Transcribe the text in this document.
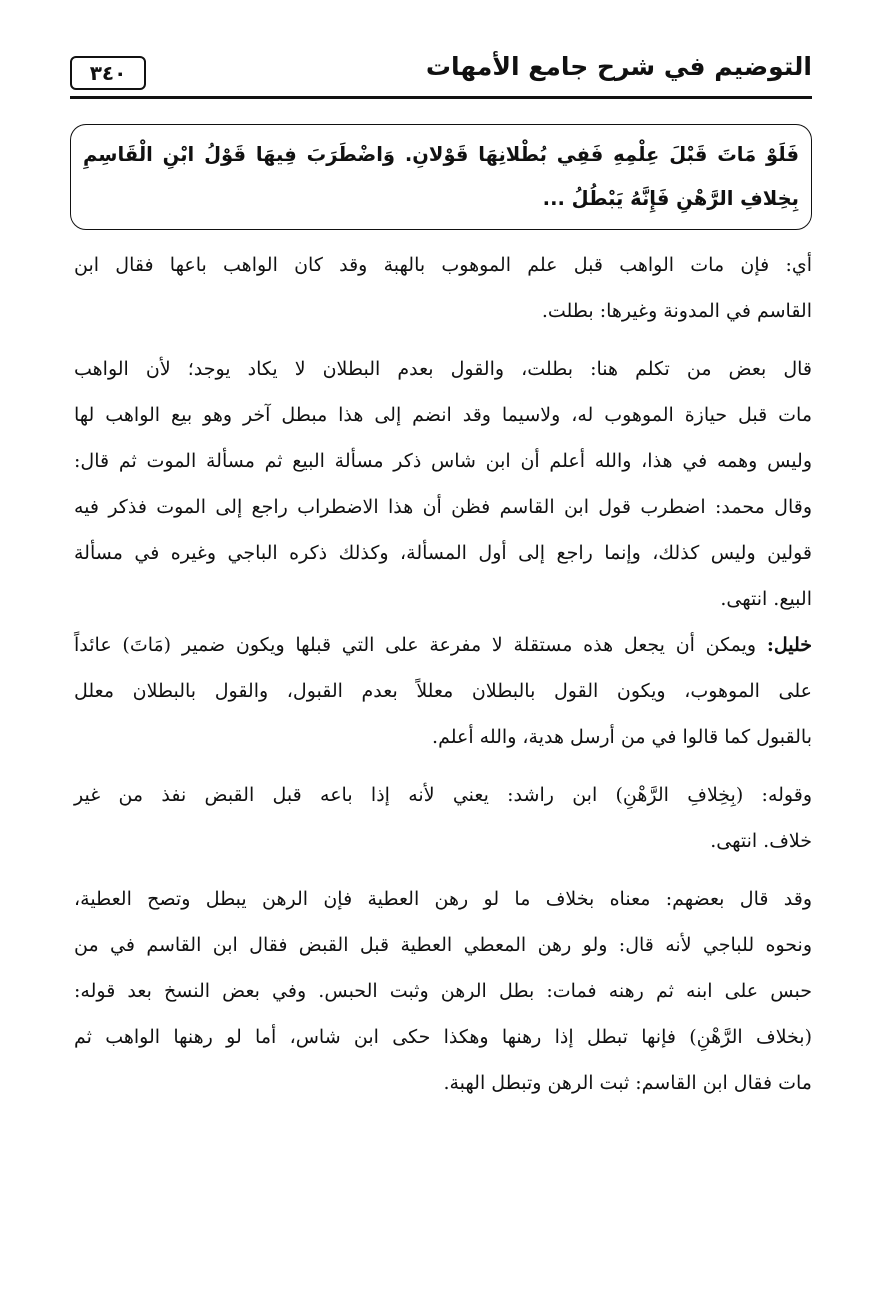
التوضيم في شرح جامع الأمهات
٣٤٠
فَلَوْ مَاتَ قَبْلَ عِلْمِهِ فَفِي بُطْلانِهَا قَوْلانِ. وَاضْطَرَبَ فِيهَا قَوْلُ ابْنِ الْقَاسِمِ
بِخِلافِ الرَّهْنِ فَإِنَّهُ يَبْطُلُ ...
أي: فإن مات الواهب قبل علم الموهوب بالهبة وقد كان الواهب باعها فقال ابن
القاسم في المدونة وغيرها: بطلت.
قال بعض من تكلم هنا: بطلت، والقول بعدم البطلان لا يكاد يوجد؛ لأن الواهب
مات قبل حيازة الموهوب له، ولاسيما وقد انضم إلى هذا مبطل آخر وهو بيع الواهب لها
وليس وهمه في هذا، والله أعلم أن ابن شاس ذكر مسألة البيع ثم مسألة الموت ثم قال:
وقال محمد: اضطرب قول ابن القاسم فظن أن هذا الاضطراب راجع إلى الموت فذكر فيه
قولين وليس كذلك، وإنما راجع إلى أول المسألة، وكذلك ذكره الباجي وغيره في مسألة
البيع. انتهى.
خليل: ويمكن أن يجعل هذه مستقلة لا مفرعة على التي قبلها ويكون ضمير (مَاتَ) عائداً
على الموهوب، ويكون القول بالبطلان معللاً بعدم القبول، والقول بالبطلان معلل
بالقبول كما قالوا في من أرسل هدية، والله أعلم.
وقوله: (بِخِلافِ الرَّهْنِ) ابن راشد: يعني لأنه إذا باعه قبل القبض نفذ من غير
خلاف. انتهى.
وقد قال بعضهم: معناه بخلاف ما لو رهن العطية فإن الرهن يبطل وتصح العطية،
ونحوه للباجي لأنه قال: ولو رهن المعطي العطية قبل القبض فقال ابن القاسم في من
حبس على ابنه ثم رهنه فمات: بطل الرهن وثبت الحبس. وفي بعض النسخ بعد قوله:
(بخلاف الرَّهْنِ) فإنها تبطل إذا رهنها وهكذا حكى ابن شاس، أما لو رهنها الواهب ثم
مات فقال ابن القاسم: ثبت الرهن وتبطل الهبة.
